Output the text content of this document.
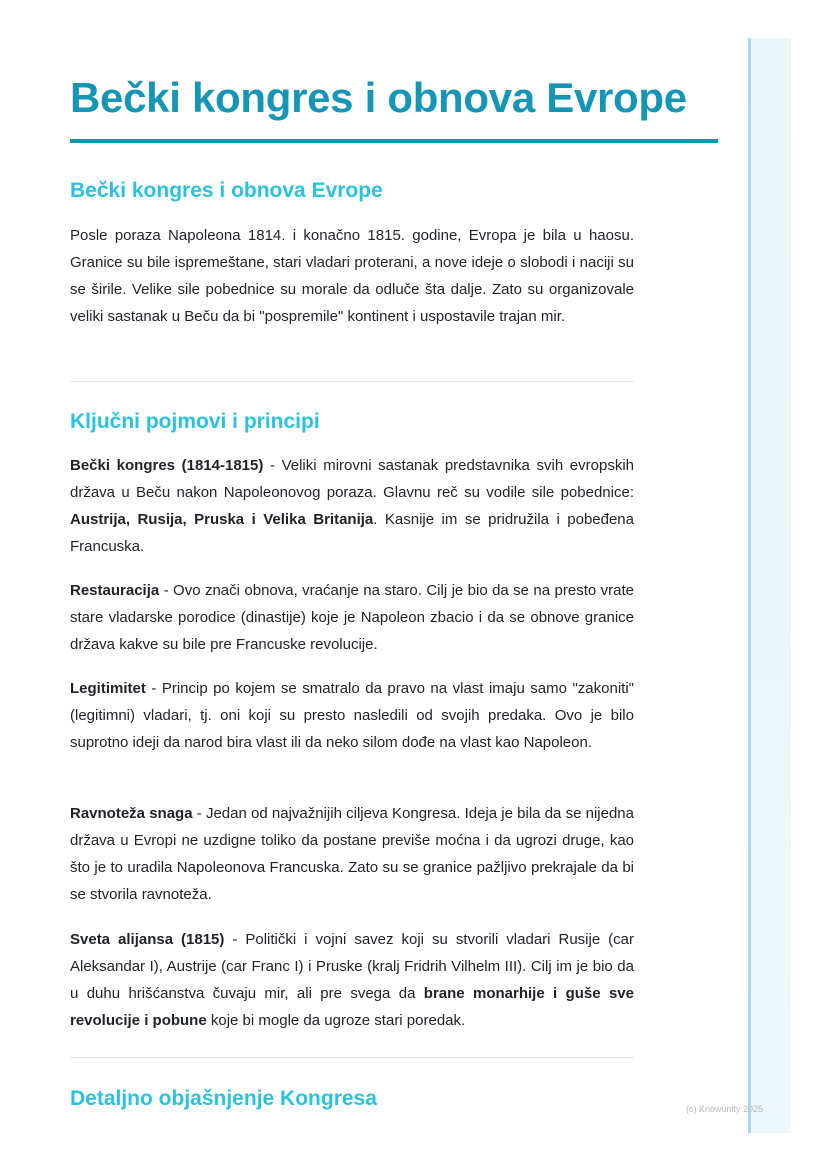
Bečki kongres i obnova Evrope
Bečki kongres i obnova Evrope

Posle poraza Napoleona 1814. i konačno 1815. godine, Evropa je bila u haosu. Granice su bile ispremeštane, stari vladari proterani, a nove ideje o slobodi i naciji su se širile. Velike sile pobednice su morale da odluče šta dalje. Zato su organizovale veliki sastanak u Beču da bi "pospremile" kontinent i uspostavile trajan mir.

Ključni pojmovi i principi

Bečki kongres (1814-1815) - Veliki mirovni sastanak predstavnika svih evropskih država u Beču nakon Napoleonovog poraza. Glavnu reč su vodile sile pobednice: Austrija, Rusija, Pruska i Velika Britanija. Kasnije im se pridružila i pobeđena Francuska.

Restauracija - Ovo znači obnova, vraćanje na staro. Cilj je bio da se na presto vrate stare vladarske porodice (dinastije) koje je Napoleon zbacio i da se obnove granice država kakve su bile pre Francuske revolucije.

Legitimitet - Princip po kojem se smatralo da pravo na vlast imaju samo "zakoniti" (legitimni) vladari, tj. oni koji su presto nasledili od svojih predaka. Ovo je bilo suprotno ideji da narod bira vlast ili da neko silom dođe na vlast kao Napoleon.

Ravnoteža snaga - Jedan od najvažnijih ciljeva Kongresa. Ideja je bila da se nijedna država u Evropi ne uzdigne toliko da postane previše moćna i da ugrozi druge, kao što je to uradila Napoleonova Francuska. Zato su se granice pažljivo prekrajale da bi se stvorila ravnoteža.

Sveta alijansa (1815) - Politički i vojni savez koji su stvorili vladari Rusije (car Aleksandar I), Austrije (car Franc I) i Pruske (kralj Fridrih Vilhelm III). Cilj im je bio da u duhu hrišćanstva čuvaju mir, ali pre svega da brane monarhije i guše sve revolucije i pobune koje bi mogle da ugroze stari poredak.

Detaljno objašnjenje Kongresa	(c) Knowunity 2025
